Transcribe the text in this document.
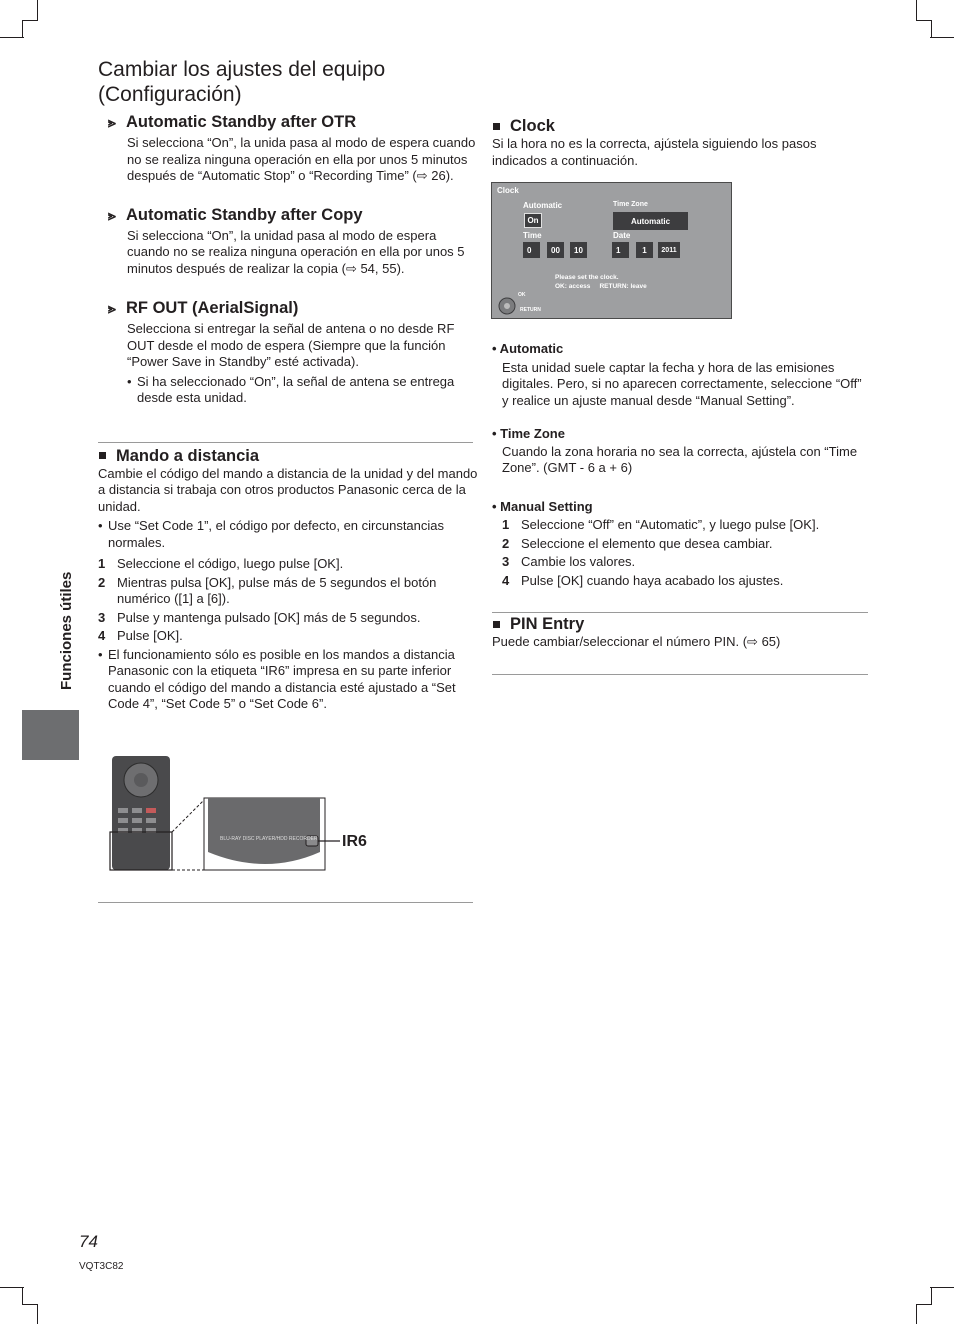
Cambiar los ajustes del equipo
(Configuración)
Funciones útiles
⪢ Automatic Standby after OTR
Si selecciona “On”, la unida pasa al modo de espera cuando no se realiza ninguna operación en ella por unos 5 minutos después de “Automatic Stop” o “Recording Time” (⇨ 26).
⪢ Automatic Standby after Copy
Si selecciona “On”, la unidad pasa al modo de espera cuando no se realiza ninguna operación en ella por unos 5 minutos después de realizar la copia (⇨ 54, 55).
⪢ RF OUT (AerialSignal)
Selecciona si entregar la señal de antena o no desde RF OUT desde el modo de espera (Siempre que la función “Power Save in Standby” esté activada).
• Si ha seleccionado “On”, la señal de antena se entrega desde esta unidad.
Mando a distancia
Cambie el código del mando a distancia de la unidad y del mando a distancia si trabaja con otros productos Panasonic cerca de la unidad.
• Use “Set Code 1”, el código por defecto, en circunstancias normales.
1 Seleccione el código, luego pulse [OK].
2 Mientras pulsa [OK], pulse más de 5 segundos el botón numérico ([1] a [6]).
3 Pulse y mantenga pulsado [OK] más de 5 segundos.
4 Pulse [OK].
• El funcionamiento sólo es posible en los mandos a distancia Panasonic con la etiqueta “IR6” impresa en su parte inferior cuando el código del mando a distancia esté ajustado a “Set Code 4”, “Set Code 5” o “Set Code 6”.
BLU-RAY DISC PLAYER/HDD RECORDER IR6
Clock
Si la hora no es la correcta, ajústela siguiendo los pasos indicados a continuación.
Clock
Automatic
On
Time Zone
Automatic
Time
0	00	10
Date
1	1	2011
Please set the clock.
OK: access     RETURN: leave
OK
RETURN
• Automatic
Esta unidad suele captar la fecha y hora de las emisiones digitales. Pero, si no aparecen correctamente, seleccione “Off” y realice un ajuste manual desde “Manual Setting”.
• Time Zone
Cuando la zona horaria no sea la correcta, ajústela con “Time Zone”. (GMT - 6 a + 6)
• Manual Setting
1 Seleccione “Off” en “Automatic”, y luego pulse [OK].
2 Seleccione el elemento que desea cambiar.
3 Cambie los valores.
4 Pulse [OK] cuando haya acabado los ajustes.
PIN Entry
Puede cambiar/seleccionar el número PIN. (⇨ 65)
74
VQT3C82
